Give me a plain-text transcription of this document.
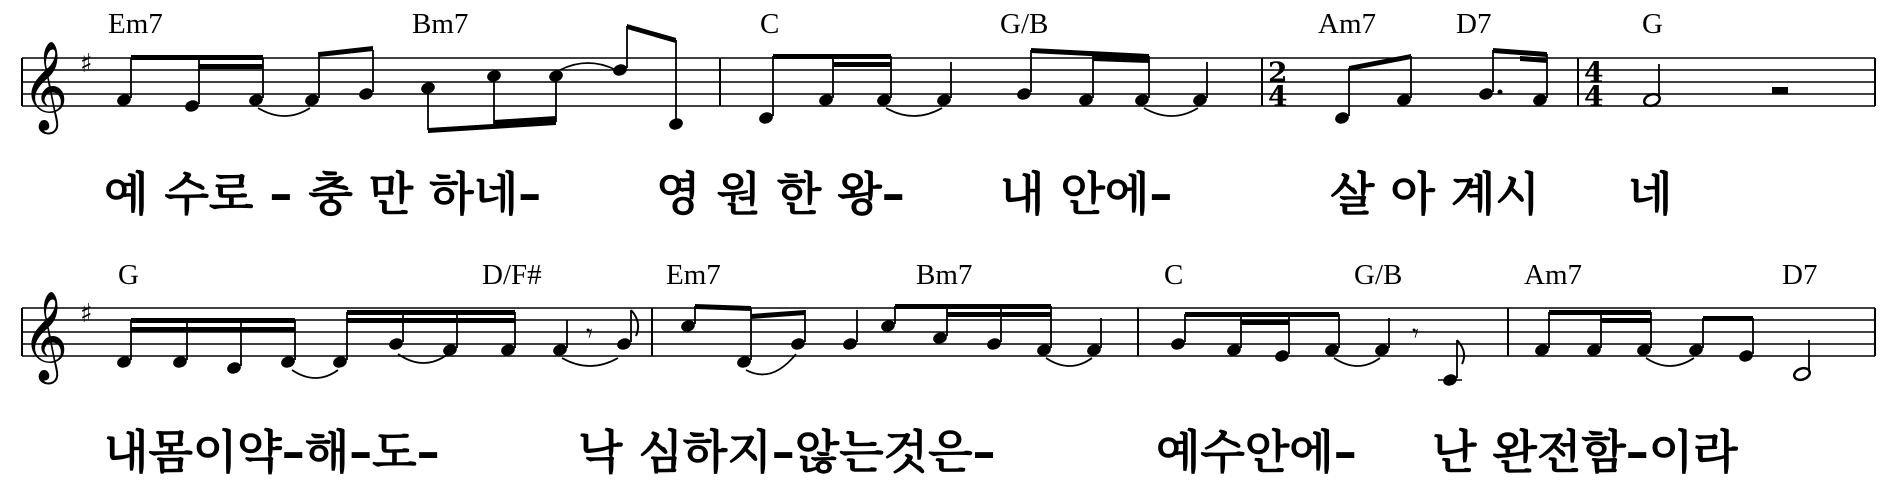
𝄞 ♯	2
4
4
4
Em7	Bm7	C	G/B	Am7	D7	G
예 수로 – 충 만 하네– 영 원 한 왕– 내 안에–	살 아 계시 네
𝄞 ♯
G	D/F#	Em7	Bm7	C	G/B	Am7	D7
𝄾	𝄾
내몸이약–해–도–	낙 심하지–않는것은–	예수안에– 난 완전함–이라
